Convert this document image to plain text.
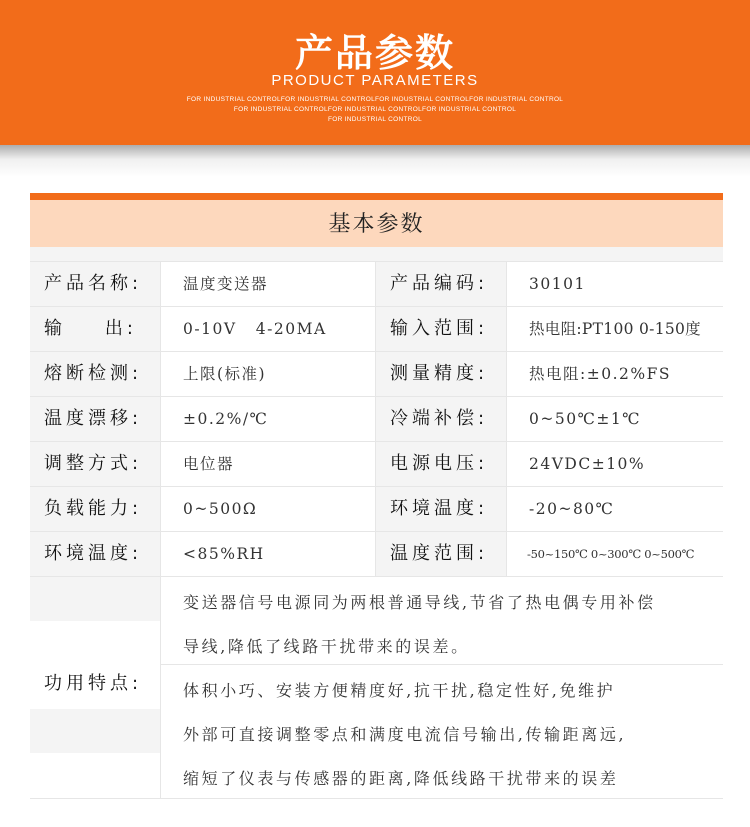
产品参数
PRODUCT PARAMETERS
FOR INDUSTRIAL CONTROLFOR INDUSTRIAL CONTROLFOR INDUSTRIAL CONTROLFOR INDUSTRIAL CONTROL
FOR INDUSTRIAL CONTROLFOR INDUSTRIAL CONTROLFOR INDUSTRIAL CONTROL
FOR INDUSTRIAL CONTROL
基本参数
产品名称:	温度变送器	产品编码:	30101
输    出:	0-10V   4-20MA	输入范围:	热电阻:PT100 0-150度
熔断检测:	上限(标准)	测量精度:	热电阻:±0.2%FS
温度漂移:	±0.2%/℃	冷端补偿:	0~50℃±1℃
调整方式:	电位器	电源电压:	24VDC±10%
负载能力:	0~500Ω	环境温度:	-20~80℃
环境温度:	<85%RH	温度范围:	-50~150℃ 0~300℃ 0~500℃
功用特点:
变送器信号电源同为两根普通导线,节省了热电偶专用补偿
导线,降低了线路干扰带来的误差。
体积小巧、安装方便精度好,抗干扰,稳定性好,免维护
外部可直接调整零点和满度电流信号输出,传输距离远,
缩短了仪表与传感器的距离,降低线路干扰带来的误差
